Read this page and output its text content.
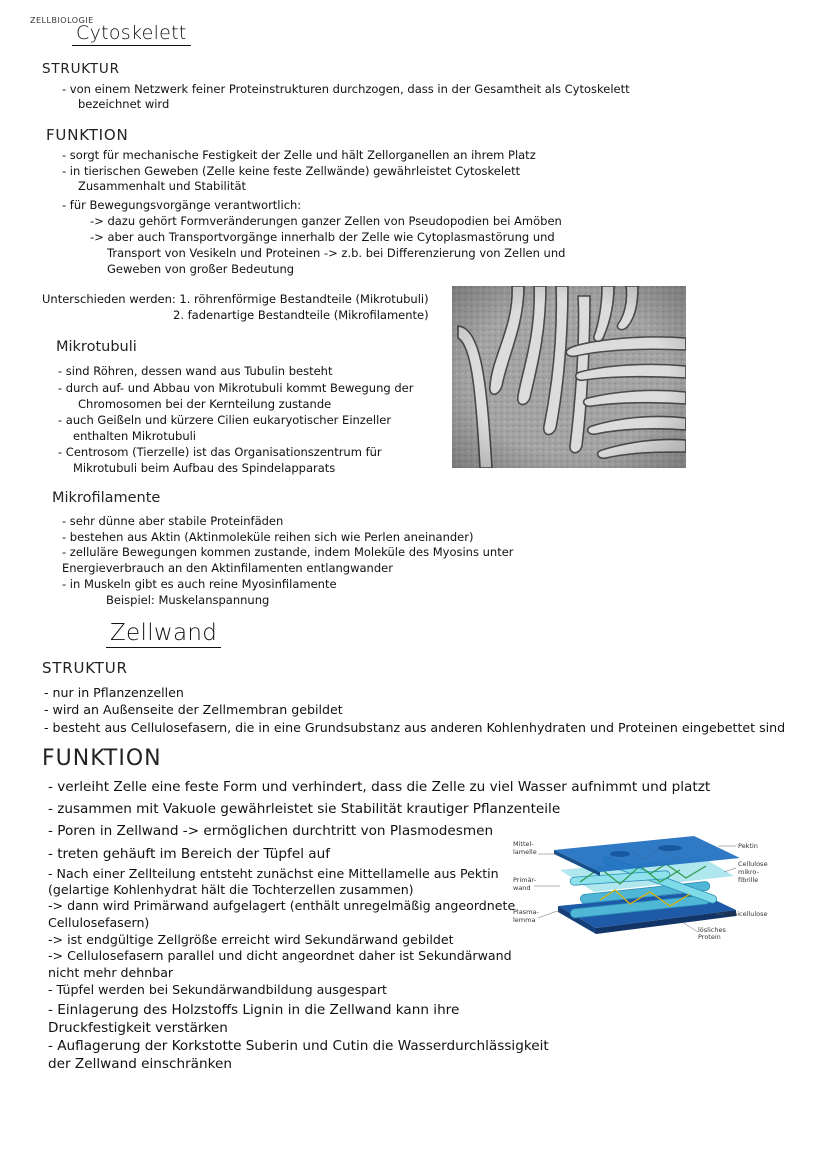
ZELLBIOLOGIE
Cytoskelett
STRUKTUR
- von einem Netzwerk feiner Proteinstrukturen durchzogen, dass in der Gesamtheit als Cytoskelett
bezeichnet wird
FUNKTION
- sorgt für mechanische Festigkeit der Zelle und hält Zellorganellen an ihrem Platz
- in tierischen Geweben (Zelle keine feste Zellwände) gewährleistet Cytoskelett
Zusammenhalt und Stabilität
- für Bewegungsvorgänge verantwortlich:
-> dazu gehört Formveränderungen ganzer Zellen von Pseudopodien bei Amöben
-> aber auch Transportvorgänge innerhalb der Zelle wie Cytoplasmastörung und
Transport von Vesikeln und Proteinen -> z.b. bei Differenzierung von Zellen und
Geweben von großer Bedeutung
Unterschieden werden: 1. röhrenförmige Bestandteile (Mikrotubuli)
2. fadenartige Bestandteile (Mikrofilamente)
Mikrotubuli
- sind Röhren, dessen wand aus Tubulin besteht
- durch auf- und Abbau von Mikrotubuli kommt Bewegung der
Chromosomen bei der Kernteilung zustande
- auch Geißeln und kürzere Cilien eukaryotischer Einzeller
enthalten Mikrotubuli
- Centrosom (Tierzelle) ist das Organisationszentrum für
Mikrotubuli beim Aufbau des Spindelapparats
Mikrofilamente
- sehr dünne aber stabile Proteinfäden
- bestehen aus Aktin (Aktinmoleküle reihen sich wie Perlen aneinander)
- zelluläre Bewegungen kommen zustande, indem Moleküle des Myosins unter
Energieverbrauch an den Aktinfilamenten entlangwander
- in Muskeln gibt es auch reine Myosinfilamente
Beispiel: Muskelanspannung
Zellwand
STRUKTUR
- nur in Pflanzenzellen
- wird an Außenseite der Zellmembran gebildet
- besteht aus Cellulosefasern, die in eine Grundsubstanz aus anderen Kohlenhydraten und Proteinen eingebettet sind
FUNKTION
- verleiht Zelle eine feste Form und verhindert, dass die Zelle zu viel Wasser aufnimmt und platzt
- zusammen mit Vakuole gewährleistet sie Stabilität krautiger Pflanzenteile
- Poren in Zellwand -> ermöglichen durchtritt von Plasmodesmen
- treten gehäuft im Bereich der Tüpfel auf
- Nach einer Zellteilung entsteht zunächst eine Mittellamelle aus Pektin
(gelartige Kohlenhydrat hält die Tochterzellen zusammen)
-> dann wird Primärwand aufgelagert (enthält unregelmäßig angeordnete
Cellulosefasern)
-> ist endgültige Zellgröße erreicht wird Sekundärwand gebildet
-> Cellulosefasern parallel und dicht angeordnet daher ist Sekundärwand
nicht mehr dehnbar
- Tüpfel werden bei Sekundärwandbildung ausgespart
- Einlagerung des Holzstoffs Lignin in die Zellwand kann ihre
Druckfestigkeit verstärken
- Auflagerung der Korkstotte Suberin und Cutin die Wasserdurchlässigkeit
der Zellwand einschränken
Mittel- lamelle
Primär- wand
Plasma- lemma
Pektin
Cellulose- mikro- fibrille
Hemicellulose
lösliches Protein
